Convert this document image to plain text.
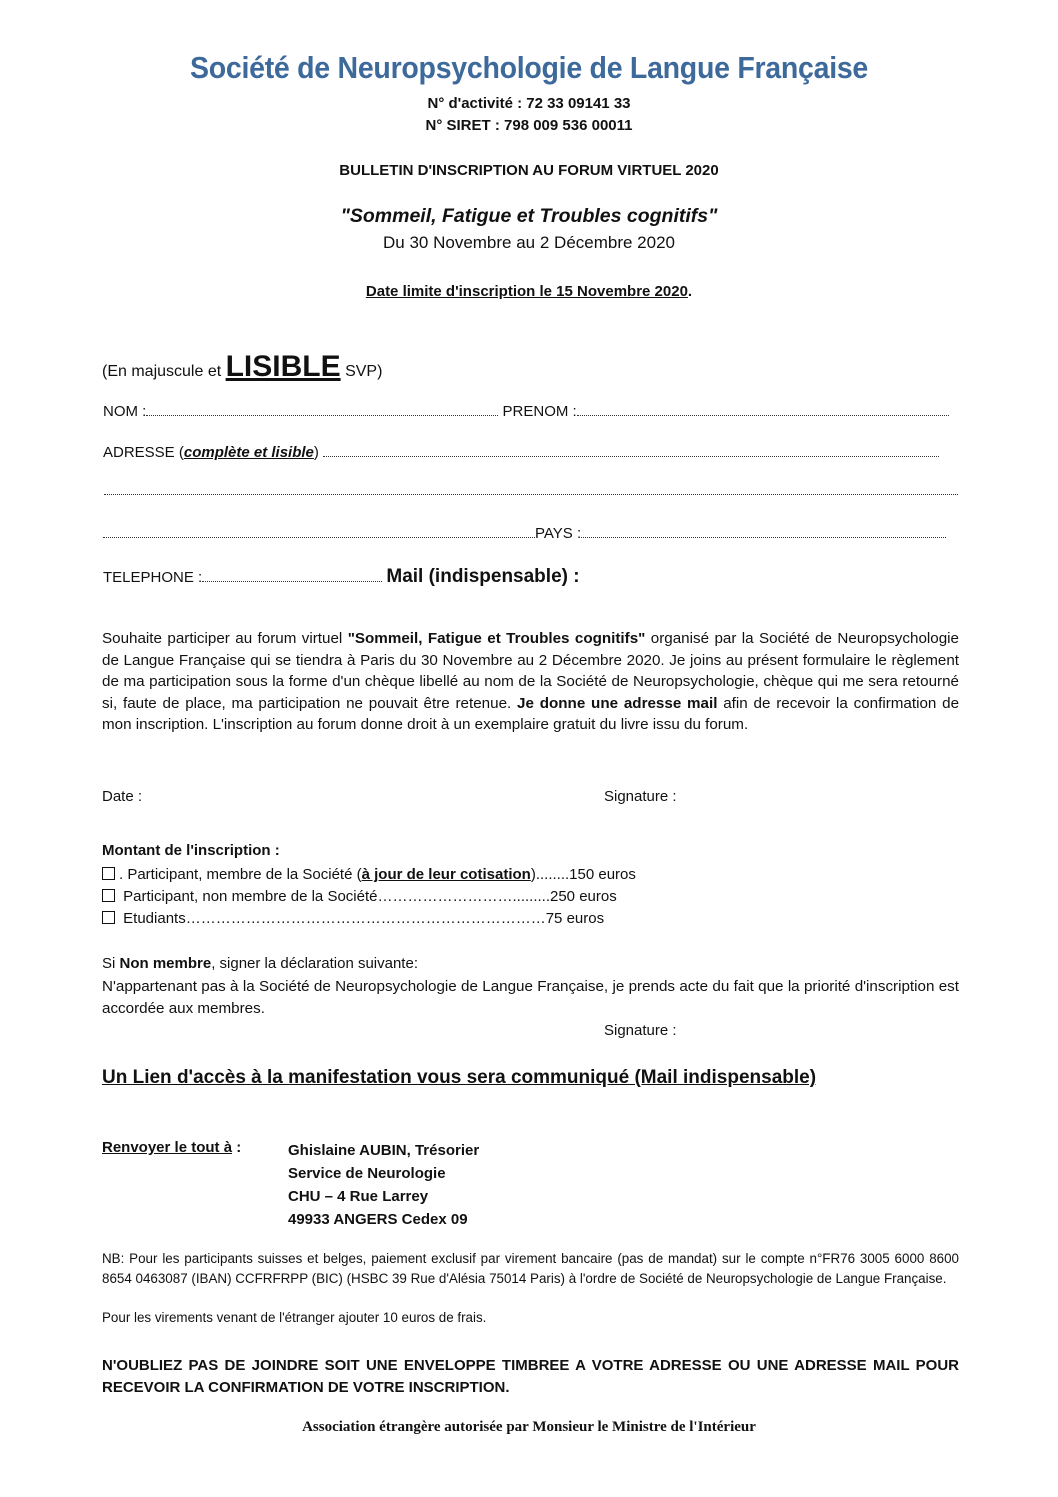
Société de Neuropsychologie de Langue Française
N° d'activité : 72 33 09141 33
N° SIRET : 798 009 536 00011
BULLETIN D'INSCRIPTION AU FORUM VIRTUEL 2020
"Sommeil, Fatigue et Troubles cognitifs"
Du 30 Novembre au 2 Décembre 2020
Date limite d'inscription le 15 Novembre 2020.
(En majuscule et LISIBLE SVP)
NOM :	PRENOM :
ADRESSE (complète et lisible)
PAYS :
TELEPHONE :	Mail (indispensable) :
Souhaite participer au forum virtuel "Sommeil, Fatigue et Troubles cognitifs" organisé par la Société de Neuropsychologie de Langue Française qui se tiendra à Paris du 30 Novembre au 2 Décembre 2020. Je joins au présent formulaire le règlement de ma participation sous la forme d'un chèque libellé au nom de la Société de Neuropsychologie, chèque qui me sera retourné si, faute de place, ma participation ne pouvait être retenue. Je donne une adresse mail afin de recevoir la confirmation de mon inscription. L'inscription au forum donne droit à un exemplaire gratuit du livre issu du forum.
Date :	Signature :
Montant de l'inscription :
. Participant, membre de la Société (à jour de leur cotisation)........150 euros
Participant, non membre de la Société……………………….........250 euros
Etudiants………………………………………………………………75 euros
Si Non membre, signer la déclaration suivante:
N'appartenant pas à la Société de Neuropsychologie de Langue Française, je prends acte du fait que la priorité d'inscription est accordée aux membres.
Signature :
Un Lien d'accès à la manifestation vous sera communiqué (Mail indispensable)
Renvoyer le tout à :	Ghislaine AUBIN, Trésorier
Service de Neurologie
CHU – 4 Rue Larrey
49933 ANGERS Cedex 09
NB: Pour les participants suisses et belges, paiement exclusif par virement bancaire (pas de mandat) sur le compte n°FR76 3005 6000 8600 8654 0463087 (IBAN) CCFRFRPP (BIC) (HSBC 39 Rue d'Alésia 75014 Paris) à l'ordre de Société de Neuropsychologie de Langue Française.
Pour les virements venant de l'étranger ajouter 10 euros de frais.
N'OUBLIEZ PAS DE JOINDRE SOIT UNE ENVELOPPE TIMBREE A VOTRE ADRESSE OU UNE ADRESSE MAIL POUR RECEVOIR LA CONFIRMATION DE VOTRE INSCRIPTION.
Association étrangère autorisée par Monsieur le Ministre de l'Intérieur
